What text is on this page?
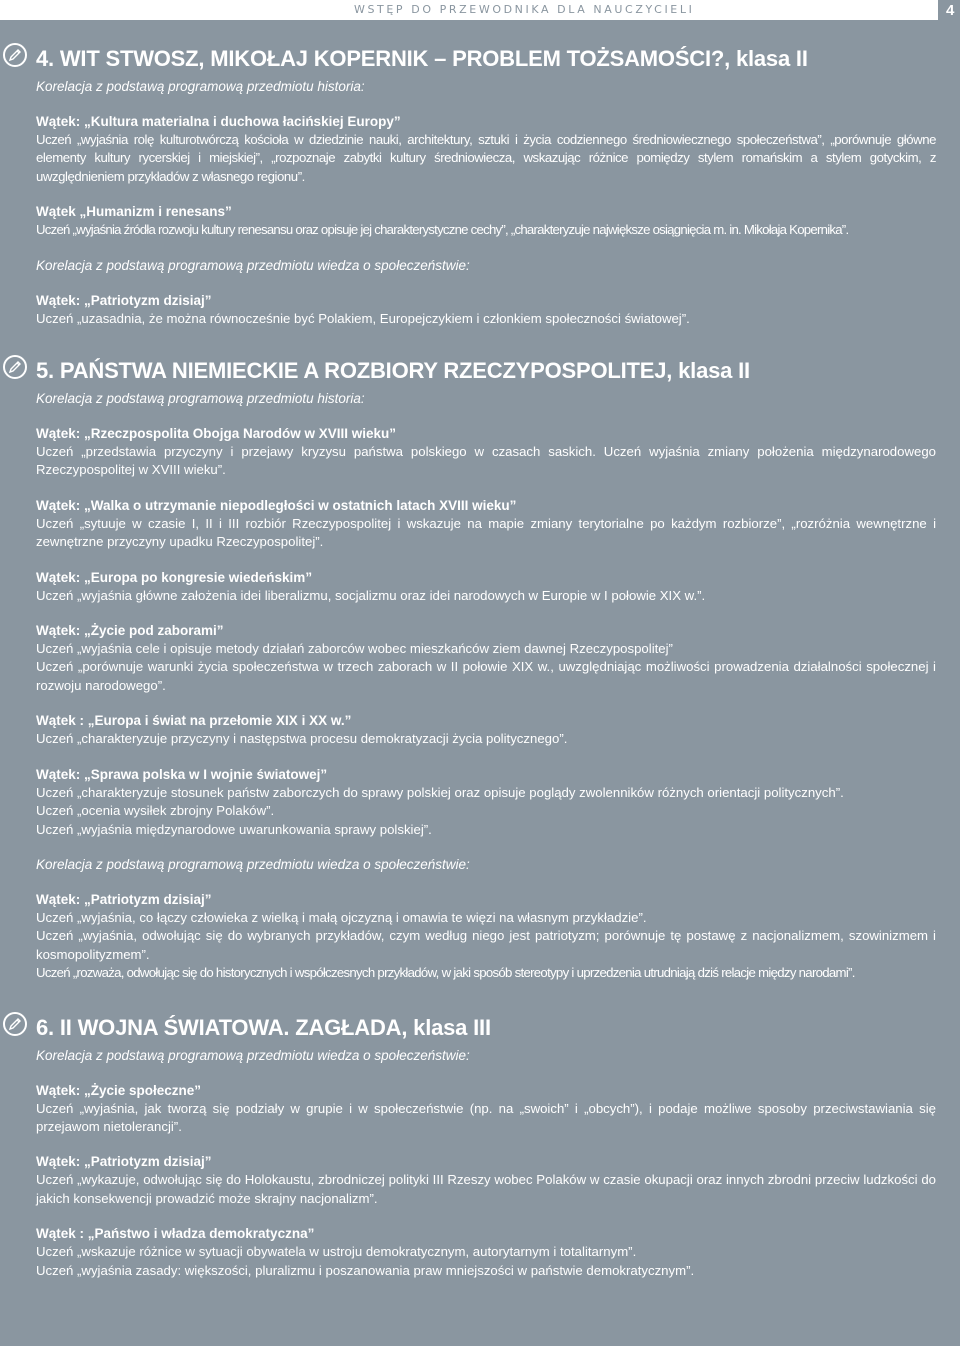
WSTĘP DO PRZEWODNIKA DLA NAUCZYCIELI	4
4. WIT STWOSZ, MIKOŁAJ KOPERNIK – PROBLEM TOŻSAMOŚCI?, klasa II
Korelacja z podstawą programową przedmiotu historia:
Wątek: „Kultura materialna i duchowa łacińskiej Europy”
Uczeń „wyjaśnia rolę kulturotwórczą kościoła w dziedzinie nauki, architektury, sztuki i życia codziennego średniowiecznego społeczeństwa”, „porównuje główne elementy kultury rycerskiej i miejskiej”, „rozpoznaje zabytki kultury średniowiecza, wskazując różnice pomiędzy stylem romańskim a stylem gotyckim, z uwzględnieniem przykładów z własnego regionu”.
Wątek „Humanizm i renesans”
Uczeń „wyjaśnia źródła rozwoju kultury renesansu oraz opisuje jej charakterystyczne cechy”, „charakteryzuje największe osiągnięcia m. in. Mikołaja Kopernika”.
Korelacja z podstawą programową przedmiotu wiedza o społeczeństwie:
Wątek: „Patriotyzm dzisiaj”
Uczeń „uzasadnia, że można równocześnie być Polakiem, Europejczykiem i członkiem społeczności światowej”.
5. PAŃSTWA NIEMIECKIE A ROZBIORY RZECZYPOSPOLITEJ, klasa II
Korelacja z podstawą programową przedmiotu historia:
Wątek: „Rzeczpospolita Obojga Narodów w XVIII wieku”
Uczeń „przedstawia przyczyny i przejawy kryzysu państwa polskiego w czasach saskich. Uczeń wyjaśnia zmiany położenia międzynarodowego Rzeczypospolitej w XVIII wieku”.
Wątek: „Walka o utrzymanie niepodległości w ostatnich latach XVIII wieku”
Uczeń „sytuuje w czasie I, II i III rozbiór Rzeczypospolitej i wskazuje na mapie zmiany terytorialne po każdym rozbiorze”, „rozróżnia wewnętrzne i zewnętrzne przyczyny upadku Rzeczypospolitej”.
Wątek: „Europa po kongresie wiedeńskim”
Uczeń „wyjaśnia główne założenia idei liberalizmu, socjalizmu oraz idei narodowych w Europie w I połowie XIX w.”.
Wątek: „Życie pod zaborami”
Uczeń „wyjaśnia cele i opisuje metody działań zaborców wobec mieszkańców ziem dawnej Rzeczypospolitej”
Uczeń „porównuje warunki życia społeczeństwa w trzech zaborach w II połowie XIX w., uwzględniając możliwości prowadzenia działalności społecznej i rozwoju narodowego”.
Wątek : „Europa i świat na przełomie XIX i XX w.”
Uczeń „charakteryzuje przyczyny i następstwa procesu demokratyzacji życia politycznego”.
Wątek: „Sprawa polska w I wojnie światowej”
Uczeń „charakteryzuje stosunek państw zaborczych do sprawy polskiej oraz opisuje poglądy zwolenników różnych orientacji politycznych”.
Uczeń „ocenia wysiłek zbrojny Polaków”.
Uczeń „wyjaśnia międzynarodowe uwarunkowania sprawy polskiej”.
Korelacja z podstawą programową przedmiotu wiedza o społeczeństwie:
Wątek: „Patriotyzm dzisiaj”
Uczeń „wyjaśnia, co łączy człowieka z wielką i małą ojczyzną i omawia te więzi na własnym przykładzie”.
Uczeń „wyjaśnia, odwołując się do wybranych przykładów, czym według niego jest patriotyzm; porównuje tę postawę z nacjonalizmem, szowinizmem i kosmopolityzmem”.
Uczeń „rozważa, odwołując się do historycznych i współczesnych przykładów, w jaki sposób stereotypy i uprzedzenia utrudniają dziś relacje między narodami”.
6. II WOJNA ŚWIATOWA. ZAGŁADA, klasa III
Korelacja z podstawą programową przedmiotu wiedza o społeczeństwie:
Wątek: „Życie społeczne”
Uczeń „wyjaśnia, jak tworzą się podziały w grupie i w społeczeństwie (np. na „swoich” i „obcych”), i podaje możliwe sposoby przeciwstawiania się przejawom nietolerancji”.
Wątek: „Patriotyzm dzisiaj”
Uczeń „wykazuje, odwołując się do Holokaustu, zbrodniczej polityki III Rzeszy wobec Polaków w czasie okupacji oraz innych zbrodni przeciw ludzkości do jakich konsekwencji prowadzić może skrajny nacjonalizm”.
Wątek : „Państwo i władza demokratyczna”
Uczeń „wskazuje różnice w sytuacji obywatela w ustroju demokratycznym, autorytarnym i totalitarnym”.
Uczeń „wyjaśnia zasady: większości, pluralizmu i poszanowania praw mniejszości w państwie demokratycznym”.
